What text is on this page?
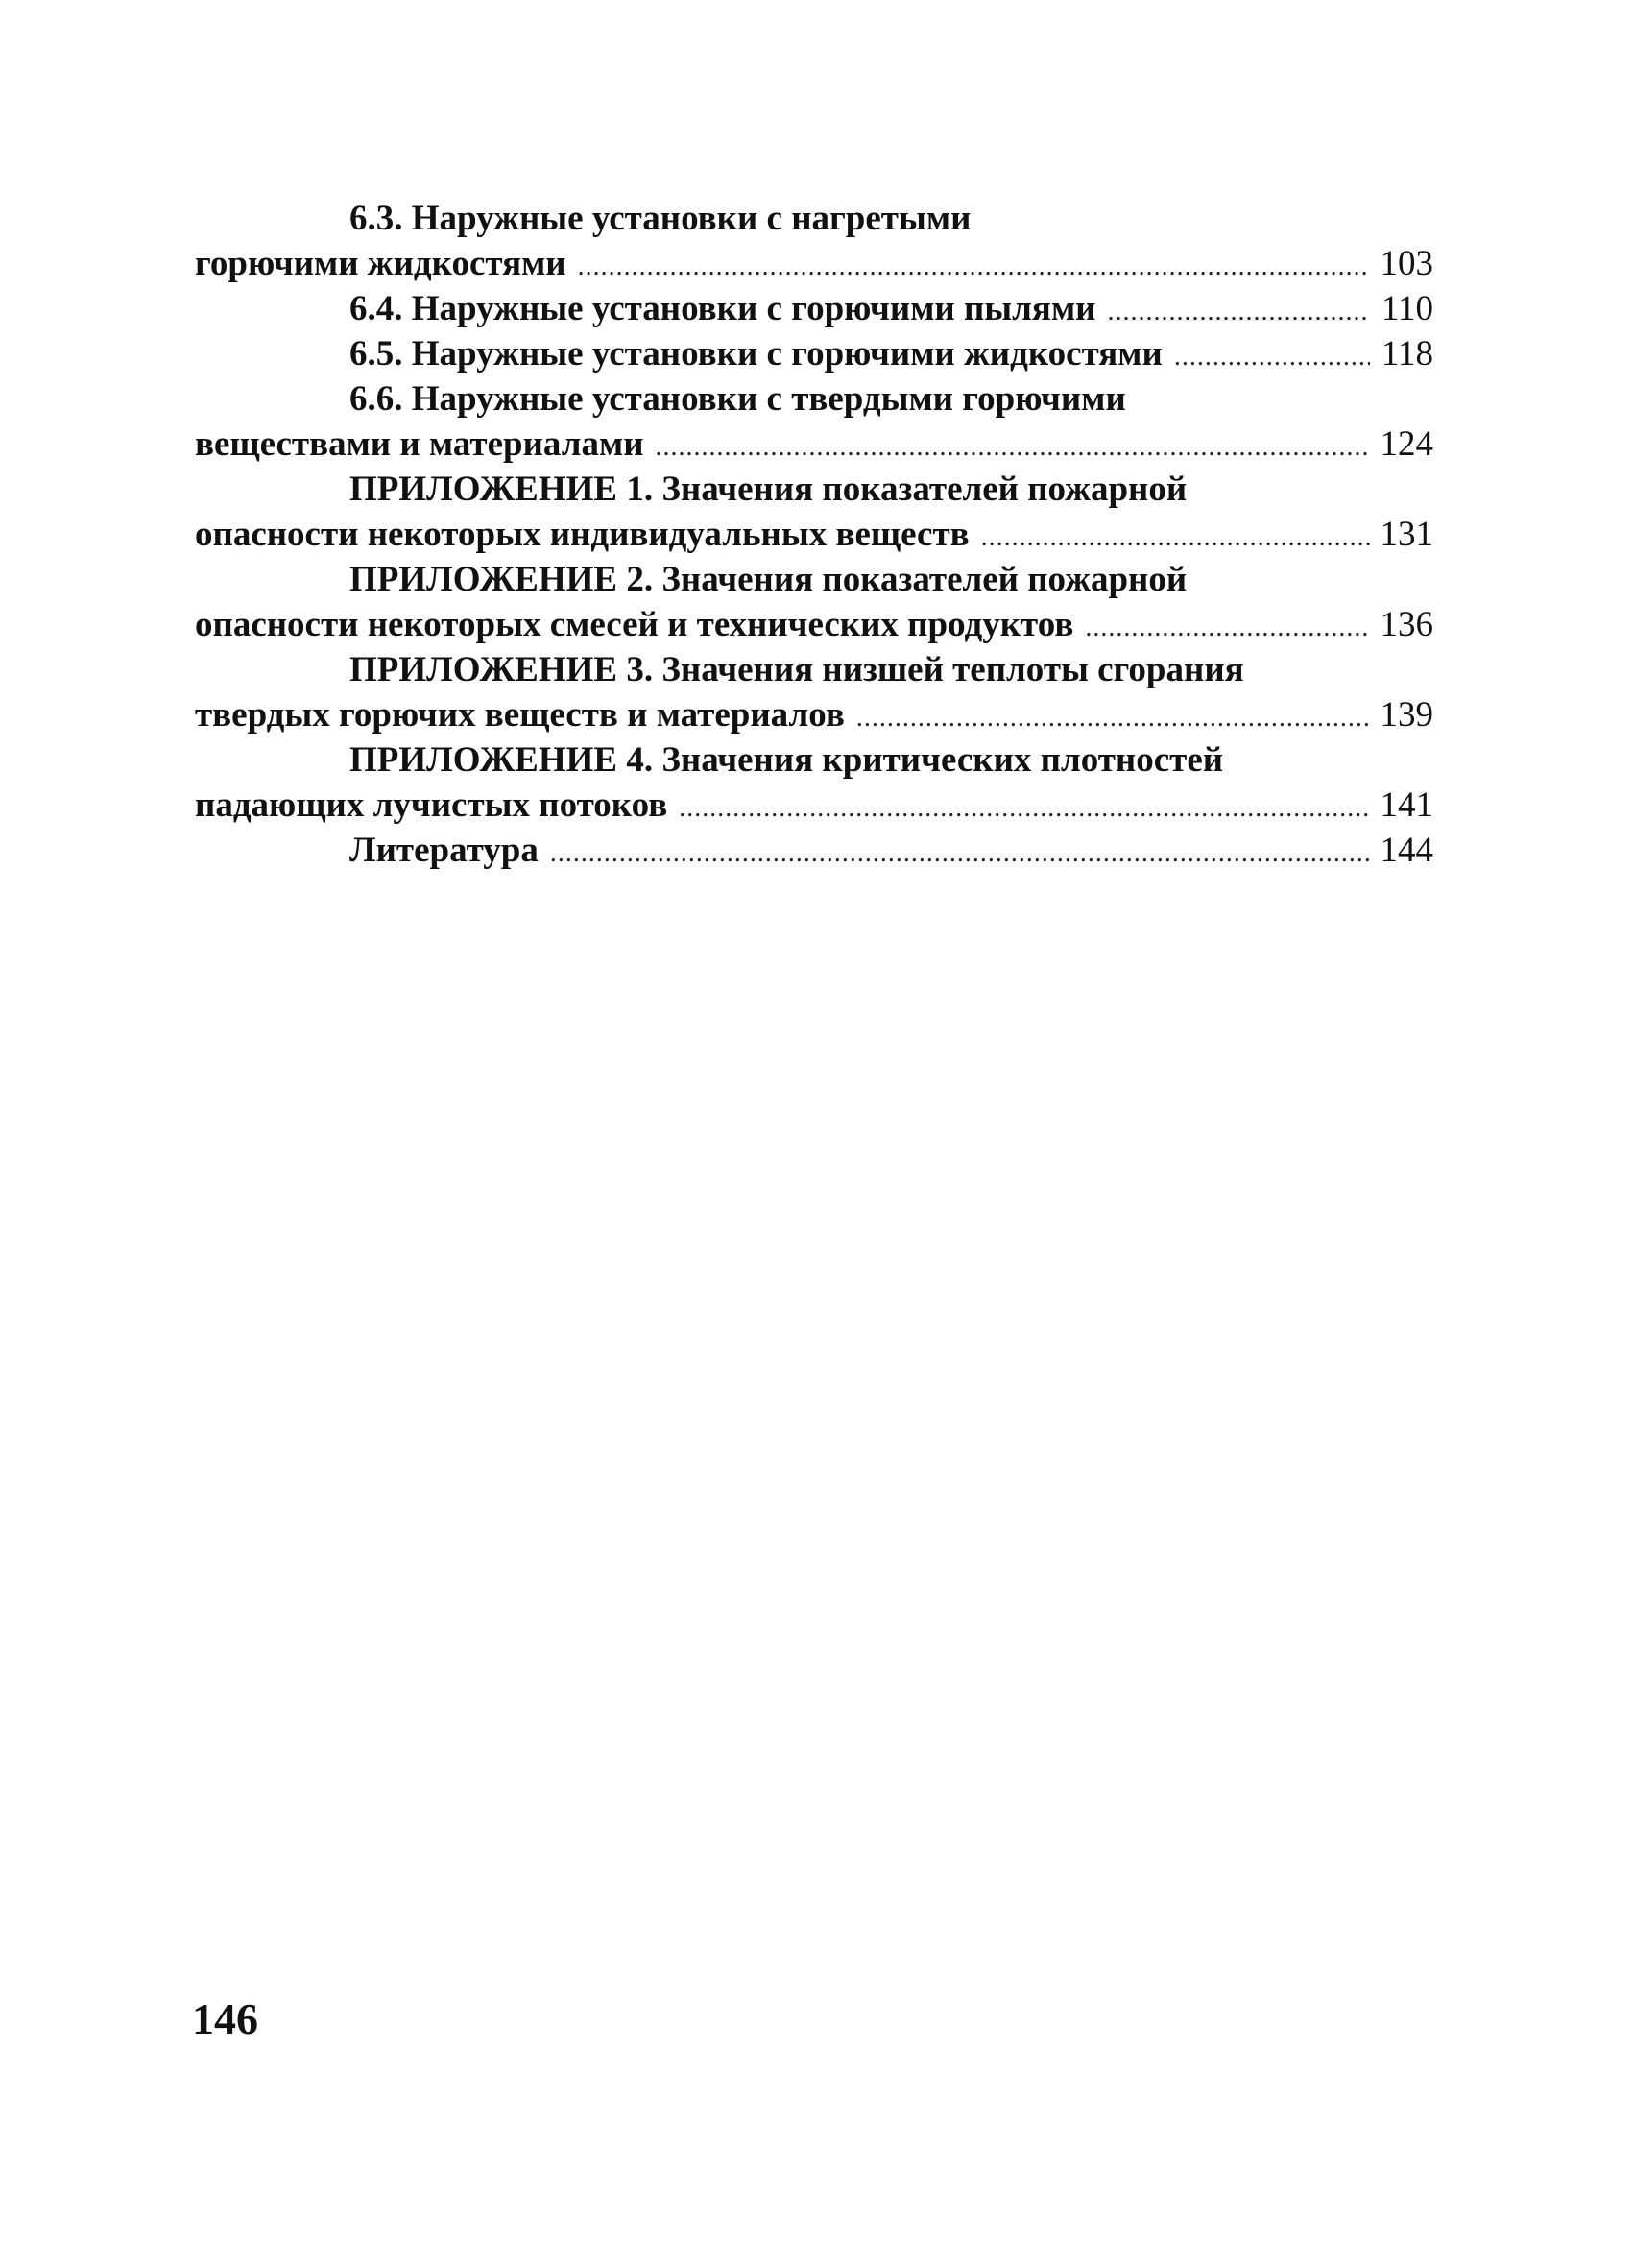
6.3. Наружные установки с нагретыми
горючими жидкостями .....	103
6.4. Наружные установки с горючими пылями .....	110
6.5. Наружные установки с горючими жидкостями .....	118
6.6. Наружные установки с твердыми горючими
веществами и материалами .....	124
ПРИЛОЖЕНИЕ 1. Значения показателей пожарной
опасности некоторых индивидуальных веществ .....	131
ПРИЛОЖЕНИЕ 2. Значения показателей пожарной
опасности некоторых смесей и технических продуктов .....	136
ПРИЛОЖЕНИЕ 3. Значения низшей теплоты сгорания
твердых горючих веществ и материалов .....	139
ПРИЛОЖЕНИЕ 4. Значения критических плотностей
падающих лучистых потоков .....	141
Литература .....	144
146
